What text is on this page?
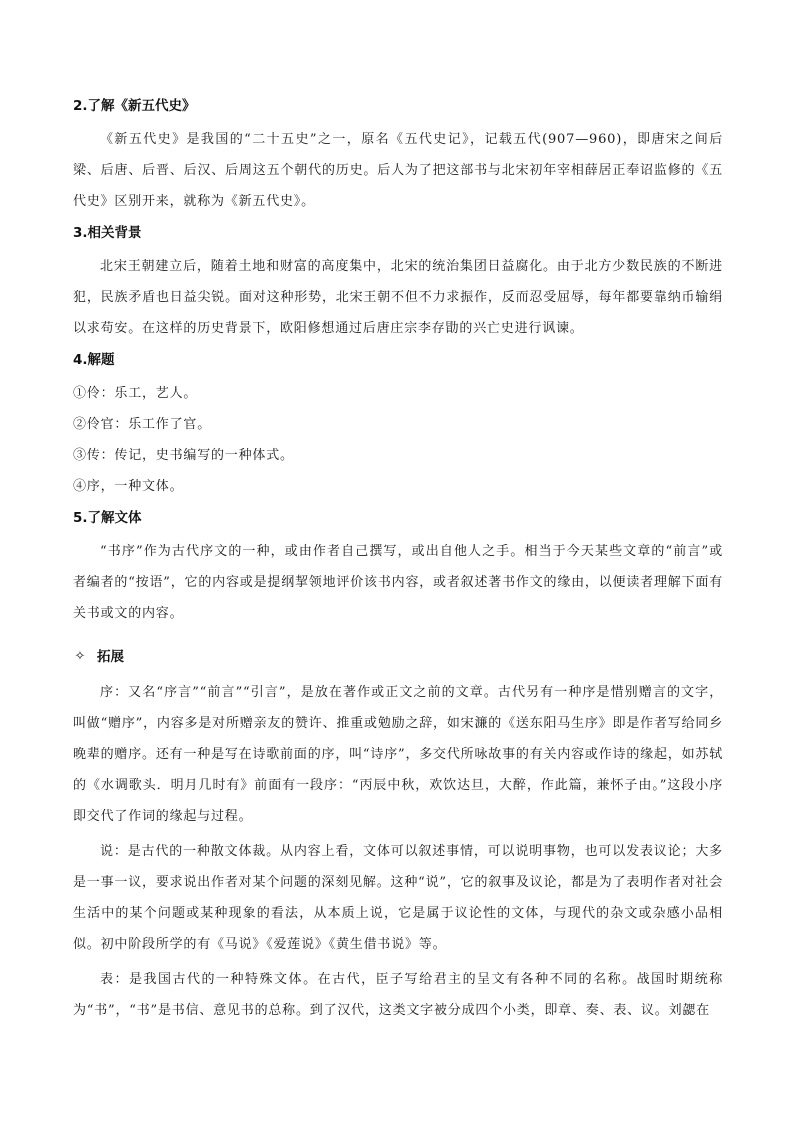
2.了解《新五代史》

《新五代史》是我国的“二十五史”之一，原名《五代史记》，记载五代(907—960)，即唐宋之间后梁、后唐、后晋、后汉、后周这五个朝代的历史。后人为了把这部书与北宋初年宰相薛居正奉诏监修的《五代史》区别开来，就称为《新五代史》。

3.相关背景

北宋王朝建立后，随着土地和财富的高度集中，北宋的统治集团日益腐化。由于北方少数民族的不断进犯，民族矛盾也日益尖锐。面对这种形势，北宋王朝不但不力求振作，反而忍受屈辱，每年都要靠纳币输绢以求苟安。在这样的历史背景下，欧阳修想通过后唐庄宗李存勖的兴亡史进行讽谏。

4.解题

①伶：乐工，艺人。

②伶官：乐工作了官。

③传：传记，史书编写的一种体式。

④序，一种文体。

5.了解文体

“书序”作为古代序文的一种，或由作者自己撰写，或出自他人之手。相当于今天某些文章的“前言”或者编者的“按语”，它的内容或是提纲挈领地评价该书内容，或者叙述著书作文的缘由，以便读者理解下面有关书或文的内容。

✧ 拓展

序：又名“序言”“前言”“引言”，是放在著作或正文之前的文章。古代另有一种序是惜别赠言的文字，叫做“赠序”，内容多是对所赠亲友的赞许、推重或勉励之辞，如宋濂的《送东阳马生序》即是作者写给同乡晚辈的赠序。还有一种是写在诗歌前面的序，叫“诗序”，多交代所咏故事的有关内容或作诗的缘起，如苏轼的《水调歌头．明月几时有》前面有一段序：“丙辰中秋，欢饮达旦，大醉，作此篇，兼怀子由。”这段小序即交代了作词的缘起与过程。

说：是古代的一种散文体裁。从内容上看，文体可以叙述事情，可以说明事物，也可以发表议论；大多是一事一议，要求说出作者对某个问题的深刻见解。这种“说”，它的叙事及议论，都是为了表明作者对社会生活中的某个问题或某种现象的看法，从本质上说，它是属于议论性的文体，与现代的杂文或杂感小品相似。初中阶段所学的有《马说》《爱莲说》《黄生借书说》等。

表：是我国古代的一种特殊文体。在古代，臣子写给君主的呈文有各种不同的名称。战国时期统称为“书”，“书”是书信、意见书的总称。到了汉代，这类文字被分成四个小类，即章、奏、表、议。刘勰在
